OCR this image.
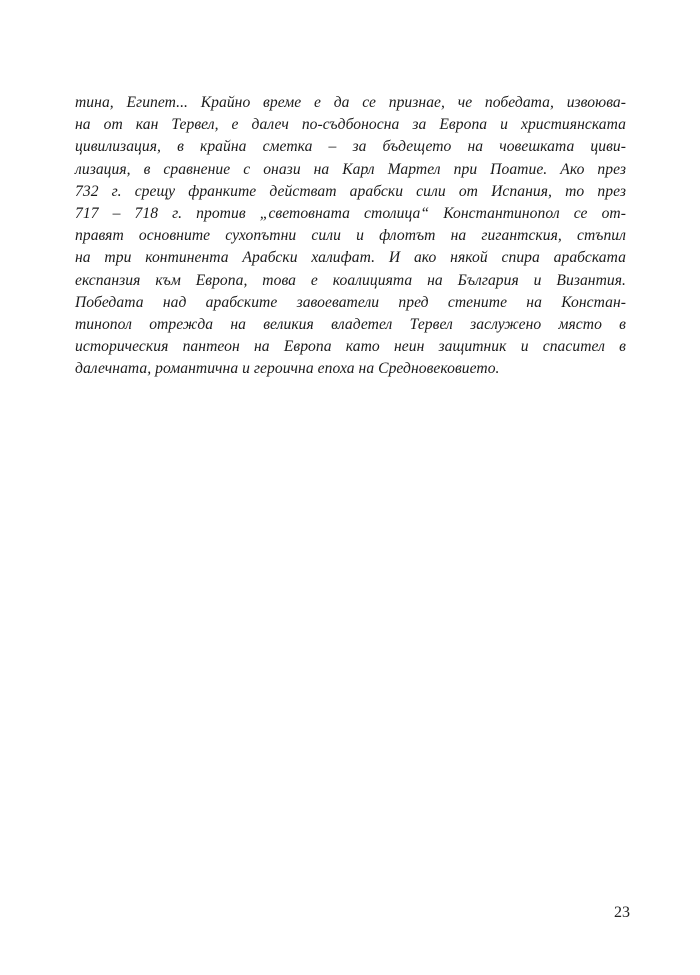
тина, Египет... Крайно време е да се признае, че победата, извоюва-
на от кан Тервел, е далеч по-съдбоносна за Европа и християнската
цивилизация, в крайна сметка – за бъдещето на човешката циви-
лизация, в сравнение с онази на Карл Мартел при Поатие. Ако през
732 г. срещу франките действат арабски сили от Испания, то през
717 – 718 г. против „световната столица“ Константинопол се от-
правят основните сухопътни сили и флотът на гигантския, стъпил
на три континента Арабски халифат. И ако някой спира арабската
експанзия към Европа, това е коалицията на България и Византия.
Победата над арабските завоеватели пред стените на Констан-
тинопол отрежда на великия владетел Тервел заслужено място в
историческия пантеон на Европа като неин защитник и спасител в
далечната, романтична и героична епоха на Средновековието.
23
